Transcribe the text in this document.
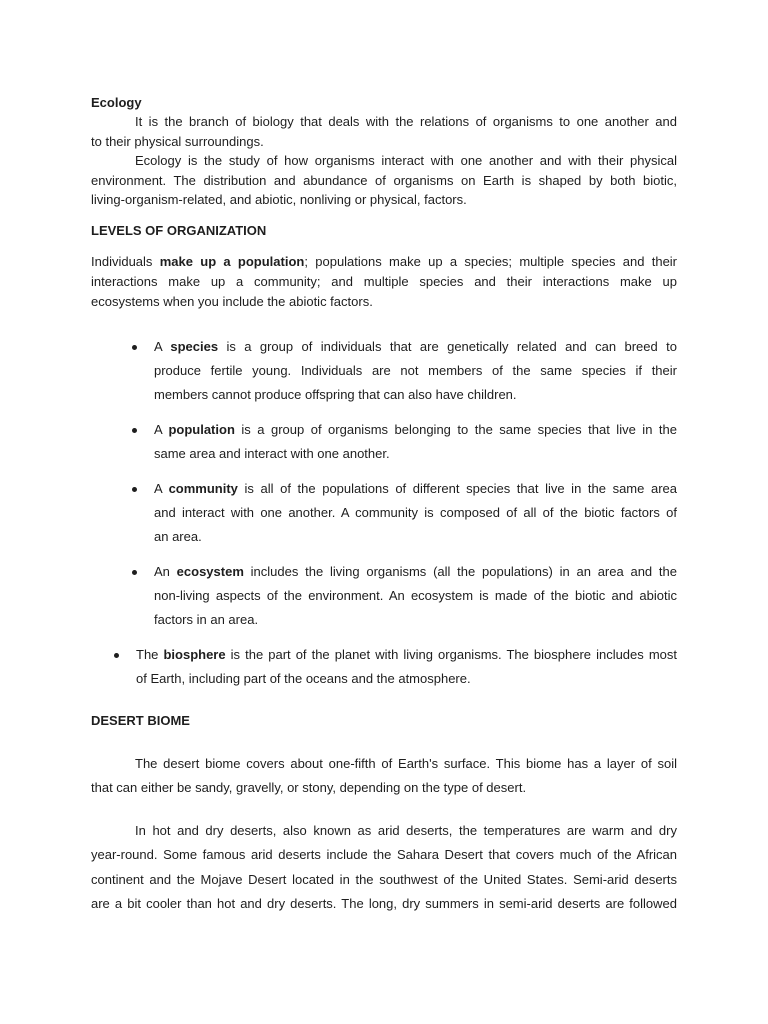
Ecology
It is the branch of biology that deals with the relations of organisms to one another and
to their physical surroundings.
Ecology is the study of how organisms interact with one another and with their physical
environment. The distribution and abundance of organisms on Earth is shaped by both biotic,
living-organism-related, and abiotic, nonliving or physical, factors.
LEVELS OF ORGANIZATION
Individuals make up a population; populations make up a species; multiple species and their
interactions make up a community; and multiple species and their interactions make up
ecosystems when you include the abiotic factors.
A species is a group of individuals that are genetically related and can breed to
produce fertile young. Individuals are not members of the same species if their
members cannot produce offspring that can also have children.
A population is a group of organisms belonging to the same species that live in the
same area and interact with one another.
A community is all of the populations of different species that live in the same area
and interact with one another. A community is composed of all of the biotic factors of
an area.
An ecosystem includes the living organisms (all the populations) in an area and the
non-living aspects of the environment. An ecosystem is made of the biotic and abiotic
factors in an area.
The biosphere is the part of the planet with living organisms. The biosphere includes most
of Earth, including part of the oceans and the atmosphere.
DESERT BIOME
The desert biome covers about one-fifth of Earth's surface. This biome has a layer of soil
that can either be sandy, gravelly, or stony, depending on the type of desert.
In hot and dry deserts, also known as arid deserts, the temperatures are warm and dry
year-round. Some famous arid deserts include the Sahara Desert that covers much of the African
continent and the Mojave Desert located in the southwest of the United States. Semi-arid deserts
are a bit cooler than hot and dry deserts. The long, dry summers in semi-arid deserts are followed
